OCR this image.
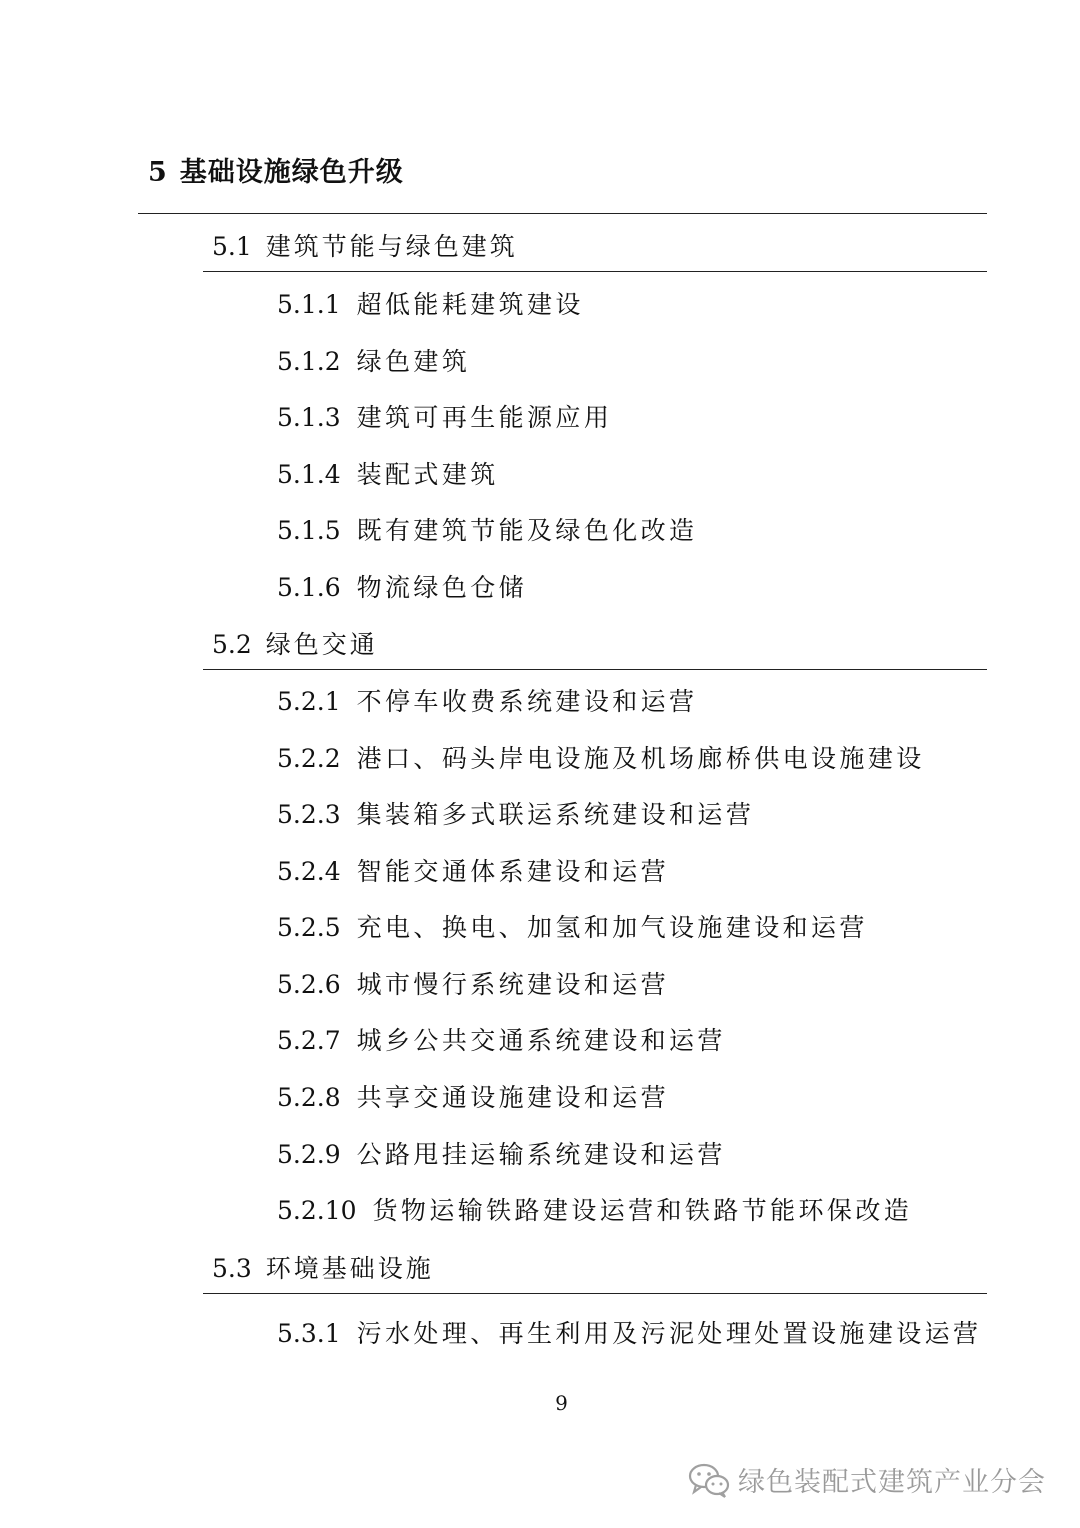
5 基础设施绿色升级
5.1 建筑节能与绿色建筑
5.1.1 超低能耗建筑建设
5.1.2 绿色建筑
5.1.3 建筑可再生能源应用
5.1.4 装配式建筑
5.1.5 既有建筑节能及绿色化改造
5.1.6 物流绿色仓储
5.2 绿色交通
5.2.1 不停车收费系统建设和运营
5.2.2 港口、码头岸电设施及机场廊桥供电设施建设
5.2.3 集装箱多式联运系统建设和运营
5.2.4 智能交通体系建设和运营
5.2.5 充电、换电、加氢和加气设施建设和运营
5.2.6 城市慢行系统建设和运营
5.2.7 城乡公共交通系统建设和运营
5.2.8 共享交通设施建设和运营
5.2.9 公路甩挂运输系统建设和运营
5.2.10 货物运输铁路建设运营和铁路节能环保改造
5.3 环境基础设施
5.3.1 污水处理、再生利用及污泥处理处置设施建设运营
9
绿色装配式建筑产业分会
